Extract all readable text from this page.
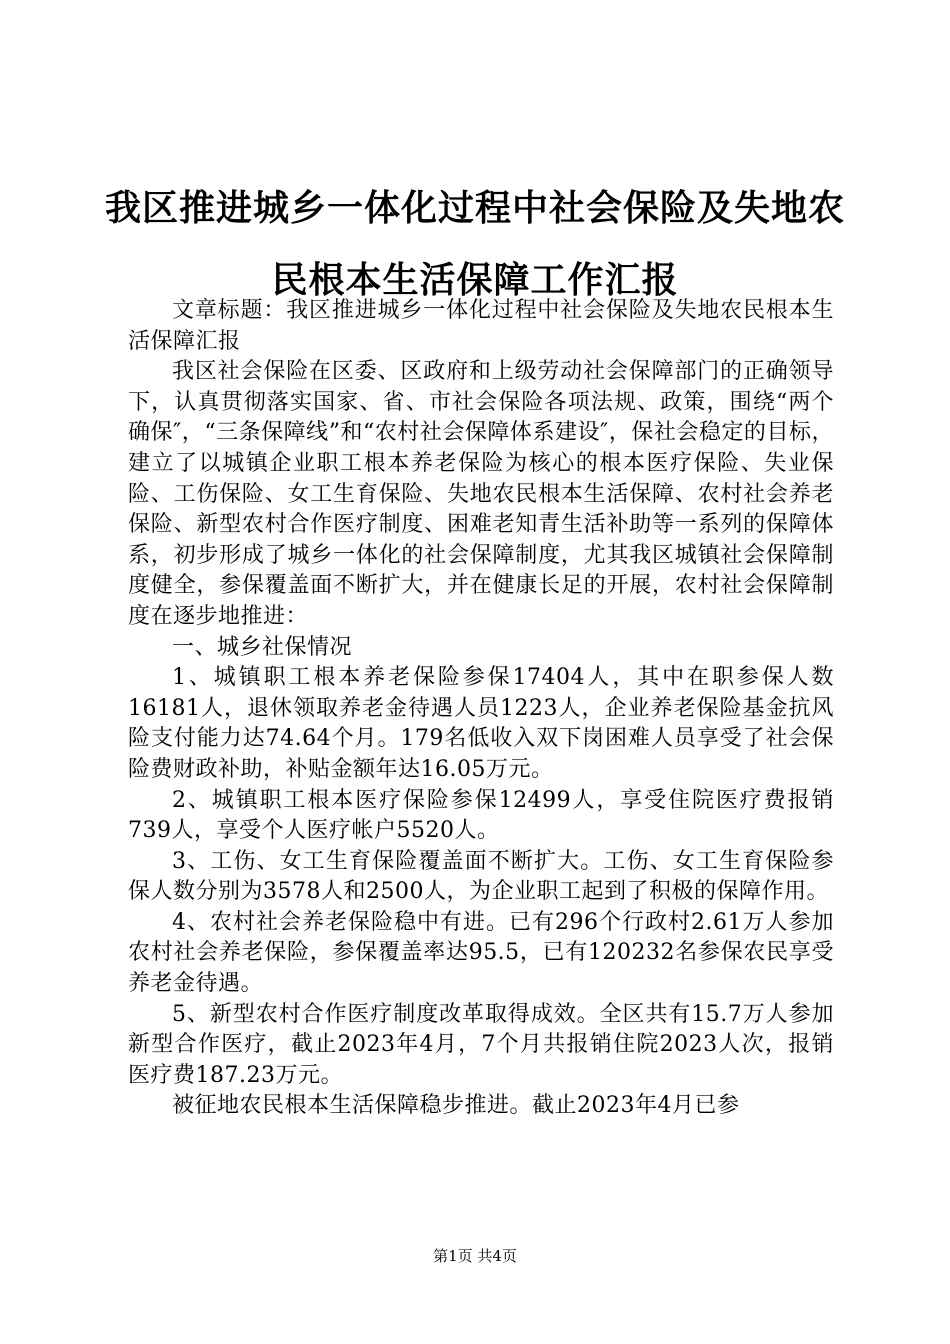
我区推进城乡一体化过程中社会保险及失地农民根本生活保障工作汇报

文章标题：我区推进城乡一体化过程中社会保险及失地农民根本生活保障汇报

我区社会保险在区委、区政府和上级劳动社会保障部门的正确领导下，认真贯彻落实国家、省、市社会保险各项法规、政策，围绕“两个确保″，“三条保障线”和“农村社会保障体系建设″，保社会稳定的目标，建立了以城镇企业职工根本养老保险为核心的根本医疗保险、失业保险、工伤保险、女工生育保险、失地农民根本生活保障、农村社会养老保险、新型农村合作医疗制度、困难老知青生活补助等一系列的保障体系，初步形成了城乡一体化的社会保障制度，尤其我区城镇社会保障制度健全，参保覆盖面不断扩大，并在健康长足的开展，农村社会保障制度在逐步地推进：

一、城乡社保情况

1、城镇职工根本养老保险参保17404人，其中在职参保人数16181人，退休领取养老金待遇人员1223人，企业养老保险基金抗风险支付能力达74.64个月。179名低收入双下岗困难人员享受了社会保险费财政补助，补贴金额年达16.05万元。

2、城镇职工根本医疗保险参保12499人，享受住院医疗费报销739人，享受个人医疗帐户5520人。

3、工伤、女工生育保险覆盖面不断扩大。工伤、女工生育保险参保人数分别为3578人和2500人，为企业职工起到了积极的保障作用。

4、农村社会养老保险稳中有进。已有296个行政村2.61万人参加农村社会养老保险，参保覆盖率达95.5，已有120232名参保农民享受养老金待遇。

5、新型农村合作医疗制度改革取得成效。全区共有15.7万人参加新型合作医疗，截止2023年4月，7个月共报销住院2023人次，报销医疗费187.23万元。

被征地农民根本生活保障稳步推进。截止2023年4月已参

第1页 共4页
